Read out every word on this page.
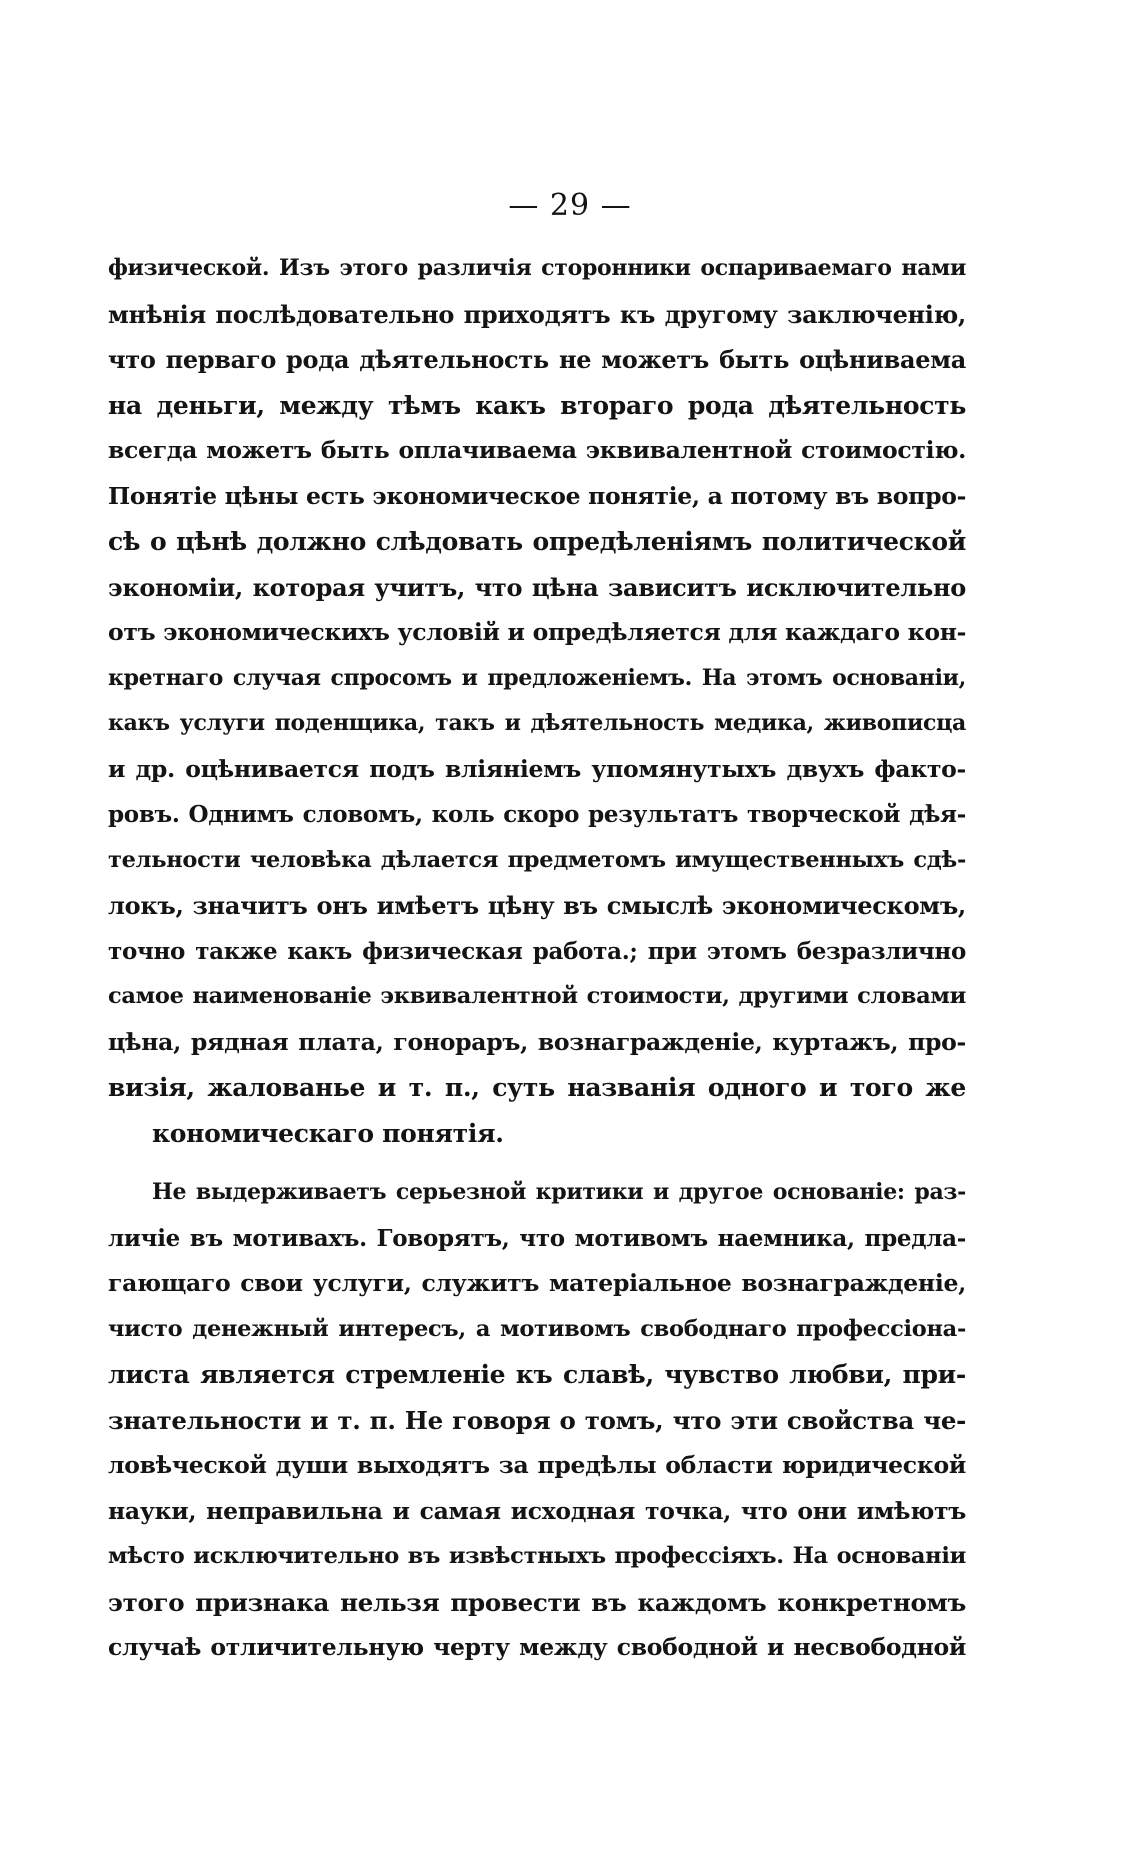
— 29 —
физической. Изъ этого различія сторонники оспариваемаго нами
мнѣнія послѣдовательно приходятъ къ другому заключенію,
что перваго рода дѣятельность не можетъ быть оцѣниваема
на деньги, между тѣмъ какъ втораго рода дѣятельность
всегда можетъ быть оплачиваема эквивалентной стоимостію.
Понятіе цѣны есть экономическое понятіе, а потому въ вопро-
сѣ о цѣнѣ должно слѣдовать опредѣленіямъ политической
экономіи, которая учитъ, что цѣна зависитъ исключительно
отъ экономическихъ условій и опредѣляется для каждаго кон-
кретнаго случая спросомъ и предложеніемъ. На этомъ основаніи,
какъ услуги поденщика, такъ и дѣятельность медика, живописца
и др. оцѣнивается подъ вліяніемъ упомянутыхъ двухъ факто-
ровъ. Однимъ словомъ, коль скоро результатъ творческой дѣя-
тельности человѣка дѣлается предметомъ имущественныхъ сдѣ-
локъ, значитъ онъ имѣетъ цѣну въ смыслѣ экономическомъ,
точно также какъ физическая работа.; при этомъ безразлично
самое наименованіе эквивалентной стоимости, другими словами
цѣна, рядная плата, гонораръ, вознагражденіе, куртажъ, про-
визія, жалованье и т. п., суть названія одного и того же
кономическаго понятія.
Не выдерживаетъ серьезной критики и другое основаніе: раз-
личіе въ мотивахъ. Говорятъ, что мотивомъ наемника, предла-
гающаго свои услуги, служитъ матеріальное вознагражденіе,
чисто денежный интересъ, а мотивомъ свободнаго профессіона-
листа является стремленіе къ славѣ, чувство любви, при-
знательности и т. п. Не говоря о томъ, что эти свойства че-
ловѣческой души выходятъ за предѣлы области юридической
науки, неправильна и самая исходная точка, что они имѣютъ
мѣсто исключительно въ извѣстныхъ профессіяхъ. На основаніи
этого признака нельзя провести въ каждомъ конкретномъ
случаѣ отличительную черту между свободной и несвободной
